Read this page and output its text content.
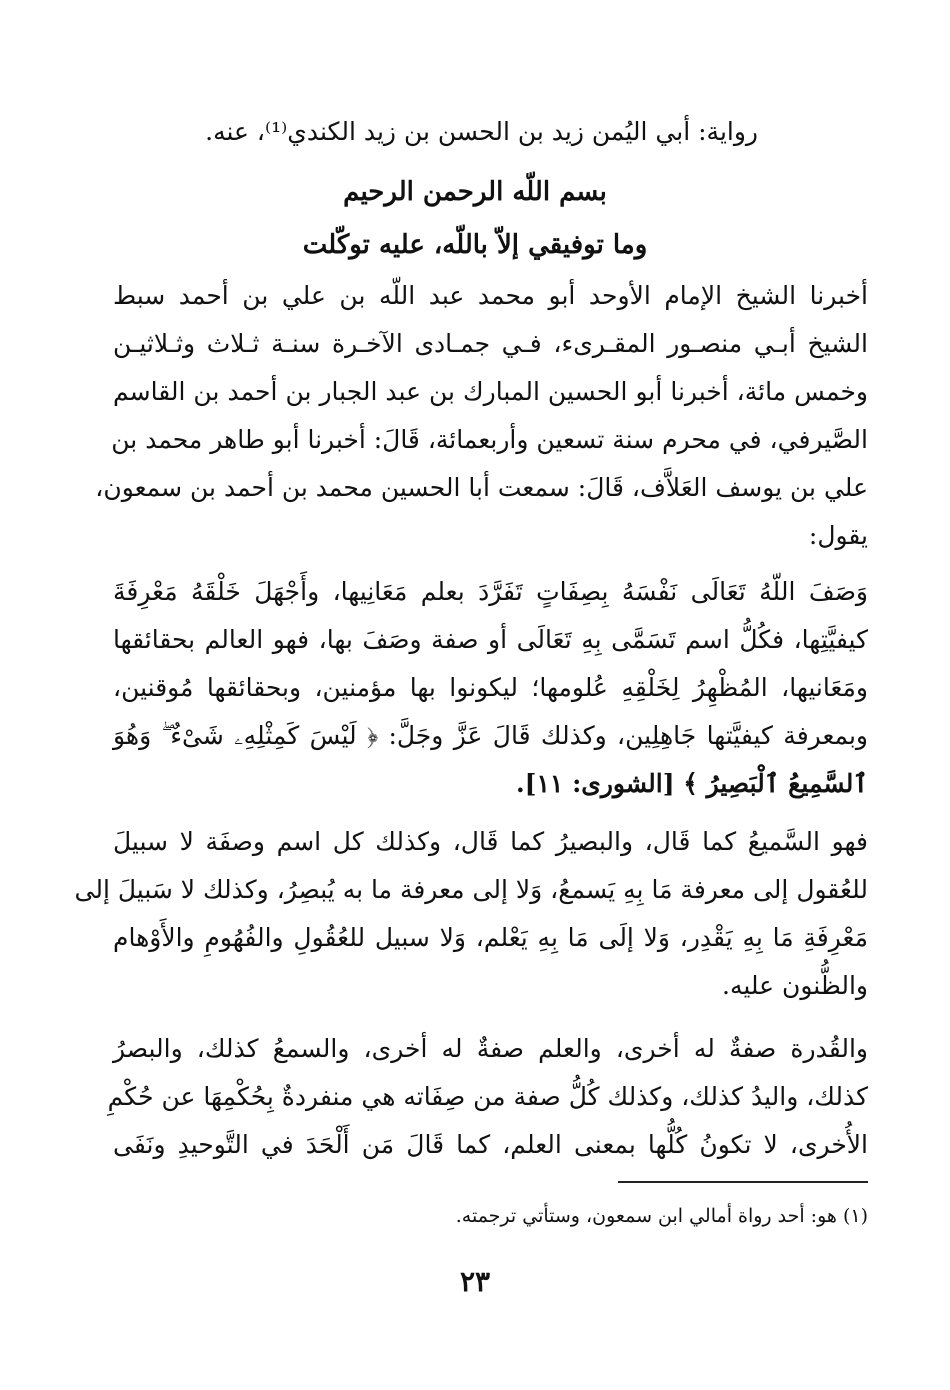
رواية: أبي اليُمن زيد بن الحسن بن زيد الكندي⁽¹⁾، عنه.
بسم اللّه الرحمن الرحيم
وما توفيقي إلاّ باللّه، عليه توكّلت
أخبرنا الشيخ الإمام الأوحد أبو محمد عبد اللّه بن علي بن أحمد سبط
الشيخ أبـي منصـور المقـرىء، فـي جمـادى الآخـرة سنـة ثـلاث وثـلاثيـن
وخمس مائة، أخبرنا أبو الحسين المبارك بن عبد الجبار بن أحمد بن القاسم
الصَّيرفي، في محرم سنة تسعين وأربعمائة، قَالَ: أخبرنا أبو طاهر محمد بن
علي بن يوسف العَلاَّف، قَالَ: سمعت أبا الحسين محمد بن أحمد بن سمعون،
يقول:
وَصَفَ اللّهُ تَعَالَى نَفْسَهُ بِصِفَاتٍ تَفَرَّدَ بعلم مَعَانِيها، وأَجْهَلَ خَلْقَهُ مَعْرِفَةَ
كيفيَّتِها، فكُلُّ اسم تَسَمَّى بِهِ تَعَالَى أو صفة وصَفَ بها، فهو العالم بحقائقها
ومَعَانيها، المُظْهِرُ لِخَلْقِهِ عُلومها؛ ليكونوا بها مؤمنين، وبحقائقها مُوقنين،
وبمعرفة كيفيَّتها جَاهِلِين، وكذلك قَالَ عَزَّ وجَلَّ: ﴿ لَيْسَ كَمِثْلِهِۦ شَىْءٌ ۖ وَهُوَ
ٱلسَّمِيعُ ٱلْبَصِيرُ ﴾ [الشورى: ١١].
فهو السَّميعُ كما قَال، والبصيرُ كما قَال، وكذلك كل اسم وصفَة لا سبيلَ
للعُقول إلى معرفة مَا بِهِ يَسمعُ، وَلا إلى معرفة ما به يُبصِرُ، وكذلك لا سَبيلَ إلى
مَعْرِفَةِ مَا بِهِ يَقْدِر، وَلا إلَى مَا بِهِ يَعْلم، وَلا سبيل للعُقُولِ والفُهُومِ والأَوْهام
والظُّنون عليه.
والقُدرة صفةٌ له أخرى، والعلم صفةٌ له أخرى، والسمعُ كذلك، والبصرُ
كذلك، واليدُ كذلك، وكذلك كُلُّ صفة من صِفَاته هي منفردةٌ بِحُكْمِهَا عن حُكْمِ
الأُخرى، لا تكونُ كُلُّها بمعنى العلم، كما قَالَ مَن أَلْحَدَ في التَّوحيدِ ونَفَى
(١) هو: أحد رواة أمالي ابن سمعون، وستأتي ترجمته.
٢٣
